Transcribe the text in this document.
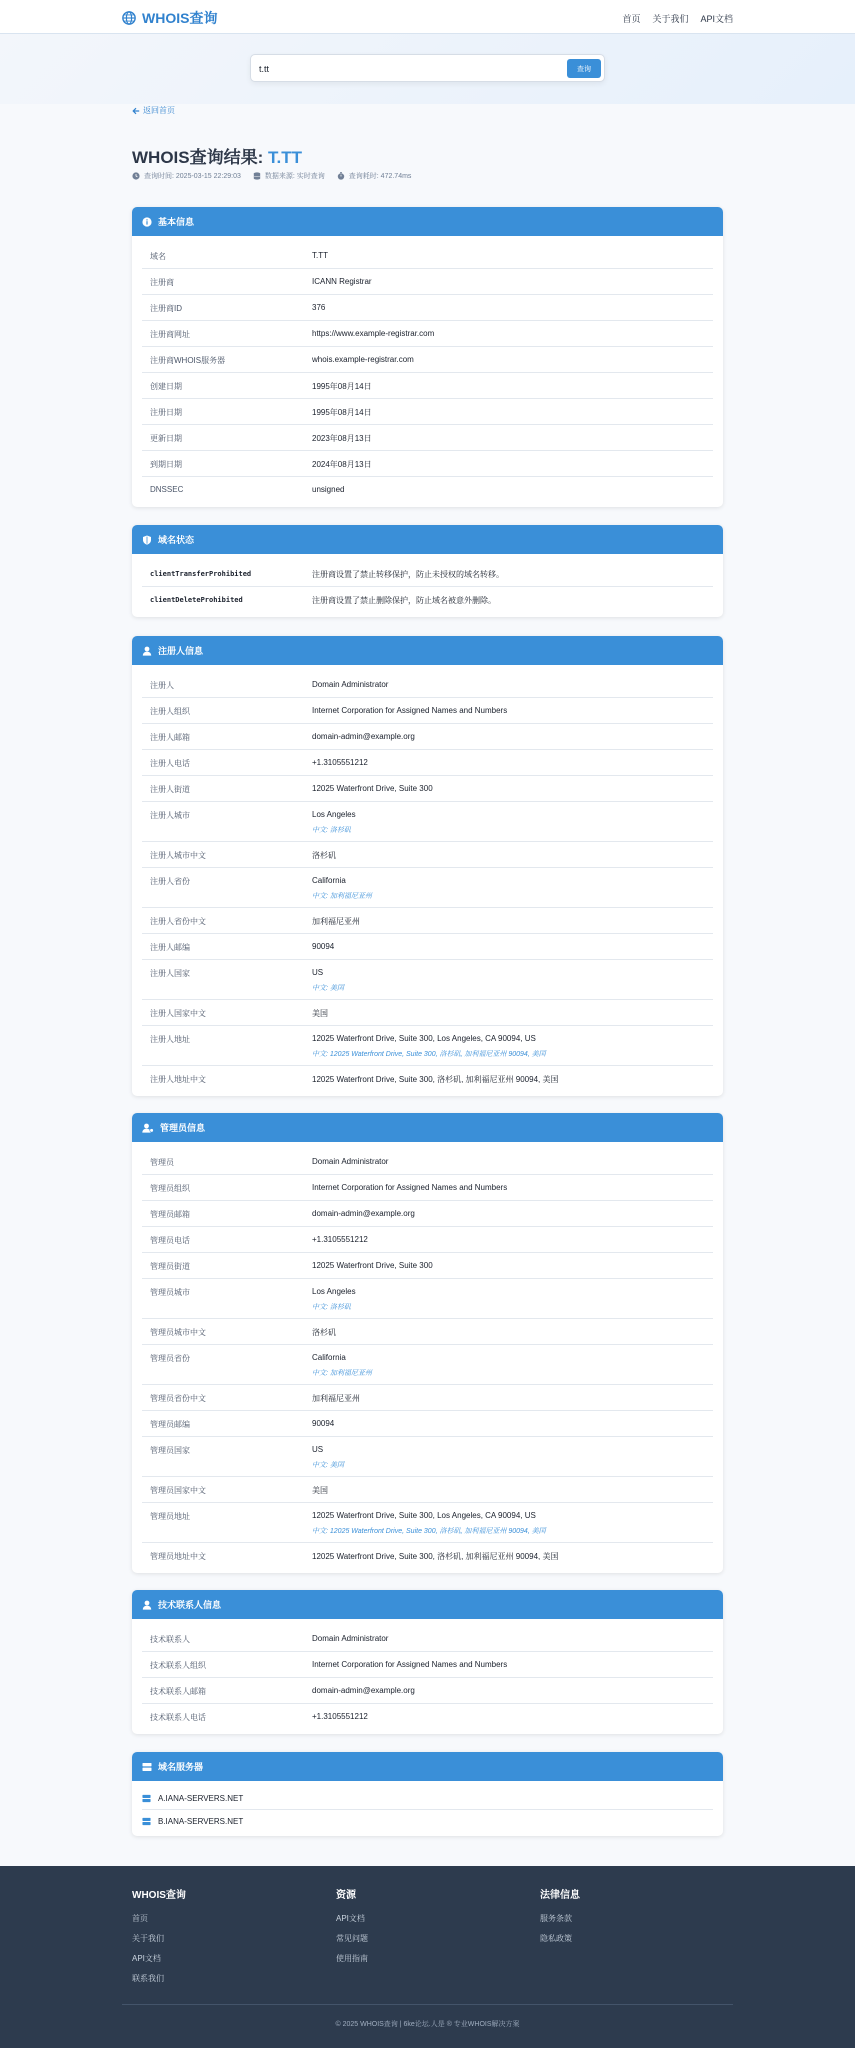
WHOIS查询	首页 关于我们 API文档
t.tt
查询
返回首页
WHOIS查询结果: T.TT
查询时间: 2025-03-15 22:29:03	数据来源: 实时查询	查询耗时: 472.74ms
基本信息
域名	T.TT
注册商	ICANN Registrar
注册商ID	376
注册商网址	https://www.example-registrar.com
注册商WHOIS服务器	whois.example-registrar.com
创建日期	1995年08月14日
注册日期	1995年08月14日
更新日期	2023年08月13日
到期日期	2024年08月13日
DNSSEC	unsigned
域名状态
clientTransferProhibited	注册商设置了禁止转移保护，防止未授权的域名转移。
clientDeleteProhibited	注册商设置了禁止删除保护，防止域名被意外删除。
注册人信息
注册人	Domain Administrator
注册人组织	Internet Corporation for Assigned Names and Numbers
注册人邮箱	domain-admin@example.org
注册人电话	+1.3105551212
注册人街道	12025 Waterfront Drive, Suite 300
注册人城市	Los Angeles
中文: 洛杉矶
注册人城市中文	洛杉矶
注册人省份	California
中文: 加利福尼亚州
注册人省份中文	加利福尼亚州
注册人邮编	90094
注册人国家	US
中文: 美国
注册人国家中文	美国
注册人地址	12025 Waterfront Drive, Suite 300, Los Angeles, CA 90094, US
中文: 12025 Waterfront Drive, Suite 300, 洛杉矶, 加利福尼亚州 90094, 美国
注册人地址中文	12025 Waterfront Drive, Suite 300, 洛杉矶, 加利福尼亚州 90094, 美国
管理员信息
管理员	Domain Administrator
管理员组织	Internet Corporation for Assigned Names and Numbers
管理员邮箱	domain-admin@example.org
管理员电话	+1.3105551212
管理员街道	12025 Waterfront Drive, Suite 300
管理员城市	Los Angeles
中文: 洛杉矶
管理员城市中文	洛杉矶
管理员省份	California
中文: 加利福尼亚州
管理员省份中文	加利福尼亚州
管理员邮编	90094
管理员国家	US
中文: 美国
管理员国家中文	美国
管理员地址	12025 Waterfront Drive, Suite 300, Los Angeles, CA 90094, US
中文: 12025 Waterfront Drive, Suite 300, 洛杉矶, 加利福尼亚州 90094, 美国
管理员地址中文	12025 Waterfront Drive, Suite 300, 洛杉矶, 加利福尼亚州 90094, 美国
技术联系人信息
技术联系人	Domain Administrator
技术联系人组织	Internet Corporation for Assigned Names and Numbers
技术联系人邮箱	domain-admin@example.org
技术联系人电话	+1.3105551212
域名服务器
A.IANA-SERVERS.NET
B.IANA-SERVERS.NET
WHOIS查询
首页
关于我们
API文档
联系我们
资源
API文档
常见问题
使用指南
法律信息
服务条款
隐私政策
© 2025 WHOIS查询 | 6ke论坛.人是 ® 专业WHOIS解决方案
